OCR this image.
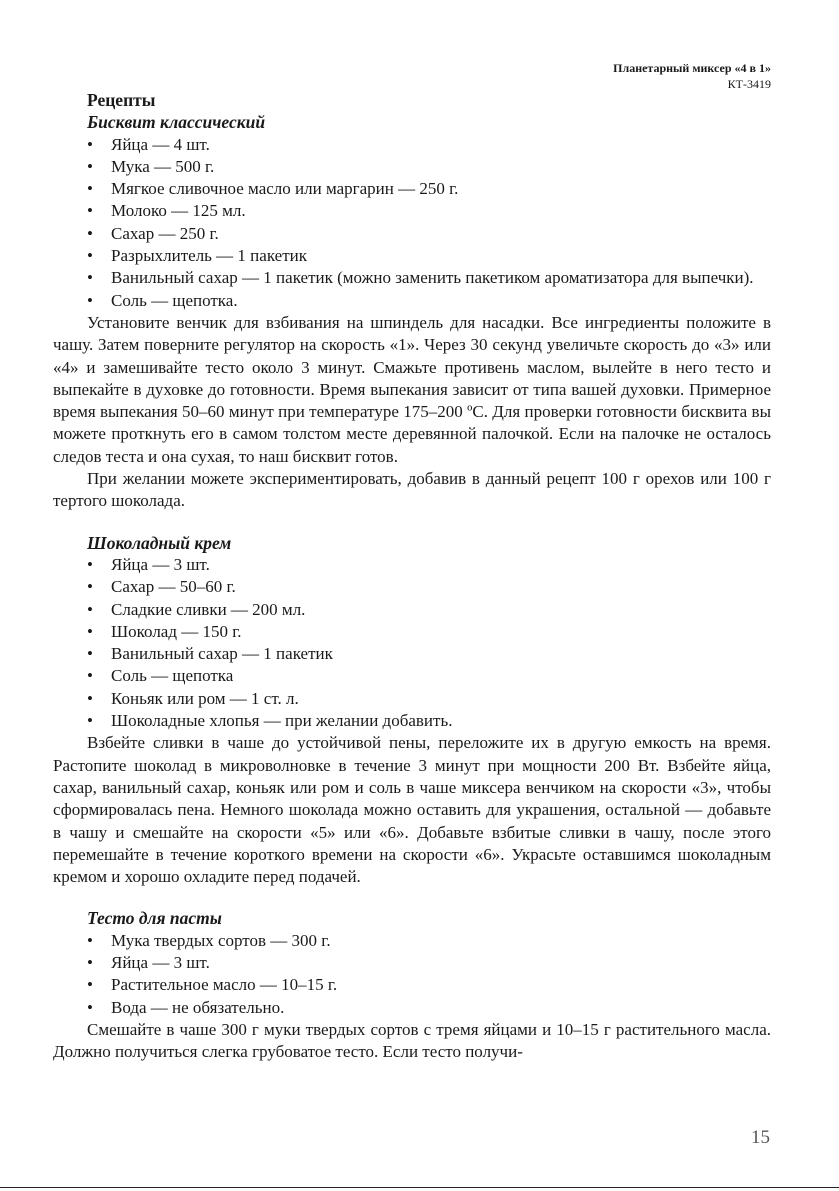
Планетарный миксер «4 в 1»
КТ-3419
Рецепты
Бисквит классический
• Яйца — 4 шт.
• Мука — 500 г.
• Мягкое сливочное масло или маргарин — 250 г.
• Молоко — 125 мл.
• Сахар — 250 г.
• Разрыхлитель — 1 пакетик
• Ванильный сахар — 1 пакетик (можно заменить пакетиком ароматизатора для выпечки).
• Соль — щепотка.

Установите венчик для взбивания на шпиндель для насадки. Все ингредиенты положите в чашу. Затем поверните регулятор на скорость «1». Через 30 секунд увеличьте скорость до «3» или «4» и замешивайте тесто около 3 минут. Смажьте противень маслом, вылейте в него тесто и выпекайте в духовке до готовности. Время выпекания зависит от типа вашей духовки. Примерное время выпекания 50–60 минут при температуре 175–200 ºС. Для проверки готовности бисквита вы можете проткнуть его в самом толстом месте деревянной палочкой. Если на палочке не осталось следов теста и она сухая, то наш бисквит готов.

При желании можете экспериментировать, добавив в данный рецепт 100 г орехов или 100 г тертого шоколада.

Шоколадный крем
• Яйца — 3 шт.
• Сахар — 50–60 г.
• Сладкие сливки — 200 мл.
• Шоколад — 150 г.
• Ванильный сахар — 1 пакетик
• Соль — щепотка
• Коньяк или ром — 1 ст. л.
• Шоколадные хлопья — при желании добавить.

Взбейте сливки в чаше до устойчивой пены, переложите их в другую емкость на время. Растопите шоколад в микроволновке в течение 3 минут при мощности 200 Вт. Взбейте яйца, сахар, ванильный сахар, коньяк или ром и соль в чаше миксера венчиком на скорости «3», чтобы сформировалась пена. Немного шоколада можно оставить для украшения, остальной — добавьте в чашу и смешайте на скорости «5» или «6». Добавьте взбитые сливки в чашу, после этого перемешайте в течение короткого времени на скорости «6». Украсьте оставшимся шоколадным кремом и хорошо охладите перед подачей.

Тесто для пасты
• Мука твердых сортов — 300 г.
• Яйца — 3 шт.
• Растительное масло — 10–15 г.
• Вода — не обязательно.

Смешайте в чаше 300 г муки твердых сортов с тремя яйцами и 10–15 г растительного масла. Должно получиться слегка грубоватое тесто. Если тесто получи-

15
